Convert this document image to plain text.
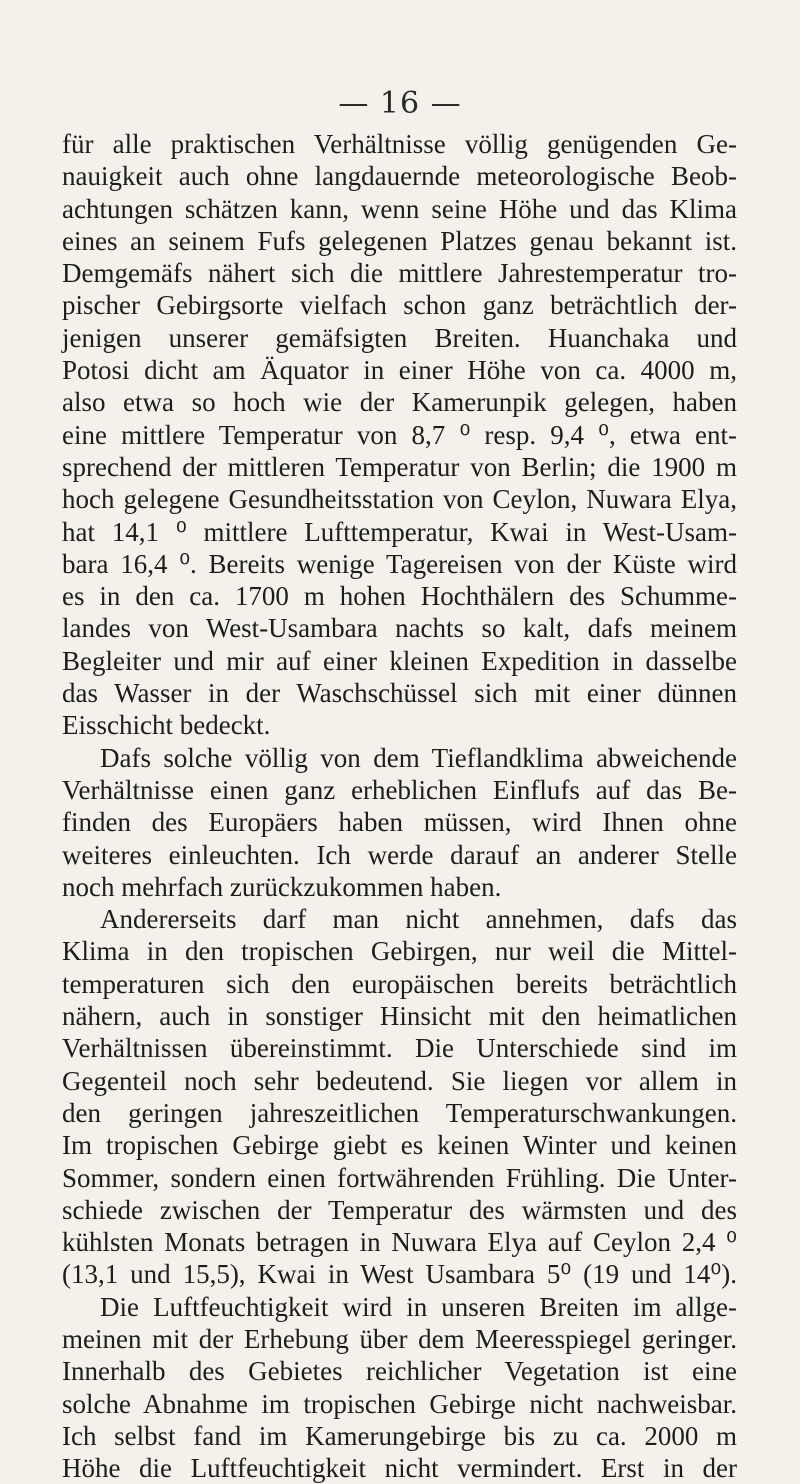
— 16 —
für alle praktischen Verhältnisse völlig genügenden Ge-
nauigkeit auch ohne langdauernde meteorologische Beob-
achtungen schätzen kann, wenn seine Höhe und das Klima
eines an seinem Fufs gelegenen Platzes genau bekannt ist.
Demgemäfs nähert sich die mittlere Jahrestemperatur tro-
pischer Gebirgsorte vielfach schon ganz beträchtlich der-
jenigen unserer gemäfsigten Breiten. Huanchaka und
Potosi dicht am Äquator in einer Höhe von ca. 4000 m,
also etwa so hoch wie der Kamerunpik gelegen, haben
eine mittlere Temperatur von 8,7 ⁰ resp. 9,4 ⁰, etwa ent-
sprechend der mittleren Temperatur von Berlin; die 1900 m
hoch gelegene Gesundheitsstation von Ceylon, Nuwara Elya,
hat 14,1 ⁰ mittlere Lufttemperatur, Kwai in West-Usam-
bara 16,4 ⁰. Bereits wenige Tagereisen von der Küste wird
es in den ca. 1700 m hohen Hochthälern des Schumme-
landes von West-Usambara nachts so kalt, dafs meinem
Begleiter und mir auf einer kleinen Expedition in dasselbe
das Wasser in der Waschschüssel sich mit einer dünnen
Eisschicht bedeckt.
Dafs solche völlig von dem Tieflandklima abweichende
Verhältnisse einen ganz erheblichen Einflufs auf das Be-
finden des Europäers haben müssen, wird Ihnen ohne
weiteres einleuchten. Ich werde darauf an anderer Stelle
noch mehrfach zurückzukommen haben.
Andererseits darf man nicht annehmen, dafs das
Klima in den tropischen Gebirgen, nur weil die Mittel-
temperaturen sich den europäischen bereits beträchtlich
nähern, auch in sonstiger Hinsicht mit den heimatlichen
Verhältnissen übereinstimmt. Die Unterschiede sind im
Gegenteil noch sehr bedeutend. Sie liegen vor allem in
den geringen jahreszeitlichen Temperaturschwankungen.
Im tropischen Gebirge giebt es keinen Winter und keinen
Sommer, sondern einen fortwährenden Frühling. Die Unter-
schiede zwischen der Temperatur des wärmsten und des
kühlsten Monats betragen in Nuwara Elya auf Ceylon 2,4 ⁰
(13,1 und 15,5), Kwai in West Usambara 5⁰ (19 und 14⁰).
Die Luftfeuchtigkeit wird in unseren Breiten im allge-
meinen mit der Erhebung über dem Meeresspiegel geringer.
Innerhalb des Gebietes reichlicher Vegetation ist eine
solche Abnahme im tropischen Gebirge nicht nachweisbar.
Ich selbst fand im Kamerungebirge bis zu ca. 2000 m
Höhe die Luftfeuchtigkeit nicht vermindert. Erst in der
